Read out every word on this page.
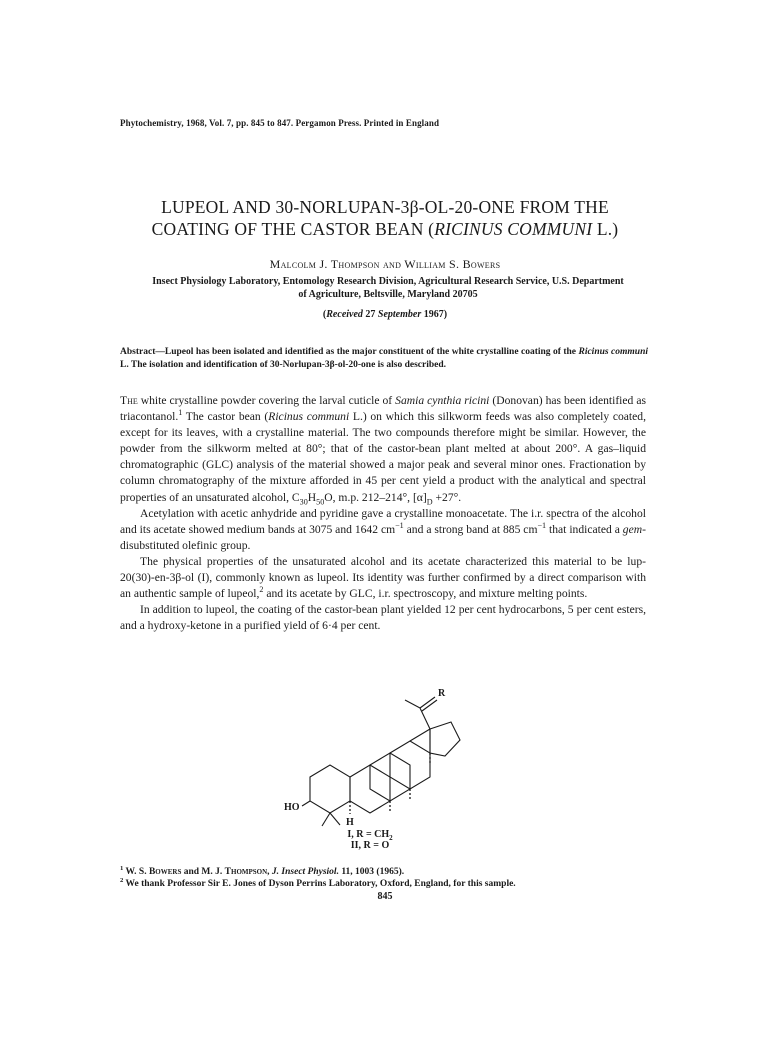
Phytochemistry, 1968, Vol. 7, pp. 845 to 847. Pergamon Press. Printed in England
LUPEOL AND 30-NORLUPAN-3β-OL-20-ONE FROM THE
COATING OF THE CASTOR BEAN (RICINUS COMMUNI L.)
Malcolm J. Thompson and William S. Bowers
Insect Physiology Laboratory, Entomology Research Division, Agricultural Research Service, U.S. Department of Agriculture, Beltsville, Maryland 20705
(Received 27 September 1967)
Abstract—Lupeol has been isolated and identified as the major constituent of the white crystalline coating of the Ricinus communi L. The isolation and identification of 30-Norlupan-3β-ol-20-one is also described.

The white crystalline powder covering the larval cuticle of Samia cynthia ricini (Donovan) has been identified as triacontanol.$^1$ The castor bean (Ricinus communi L.) on which this silkworm feeds was also completely coated, except for its leaves, with a crystalline material. The two compounds therefore might be similar. However, the powder from the silkworm melted at 80°; that of the castor-bean plant melted at about 200°. A gas–liquid chromatographic (GLC) analysis of the material showed a major peak and several minor ones. Fractionation by column chromatography of the mixture afforded in 45 per cent yield a product with the analytical and spectral properties of an unsaturated alcohol, $C_{30}H_{50}O$, m.p. 212–214°, $[\alpha]_D +27^\circ$.

Acetylation with acetic anhydride and pyridine gave a crystalline monoacetate. The i.r. spectra of the alcohol and its acetate showed medium bands at 3075 and 1642 $cm^{-1}$ and a strong band at 885 $cm^{-1}$ that indicated a gem-disubstituted olefinic group.

The physical properties of the unsaturated alcohol and its acetate characterized this material to be lup-20(30)-en-3β-ol (I), commonly known as lupeol. Its identity was further confirmed by a direct comparison with an authentic sample of lupeol,$^2$ and its acetate by GLC, i.r. spectroscopy, and mixture melting points.

In addition to lupeol, the coating of the castor-bean plant yielded 12 per cent hydrocarbons, 5 per cent esters, and a hydroxy-ketone in a purified yield of 6·4 per cent.

R
HO
H
I, $R = CH_2$
II, R = O
$^1$ W. S. Bowers and M. J. Thompson, J. Insect Physiol. 11, 1003 (1965).
$^2$ We thank Professor Sir E. Jones of Dyson Perrins Laboratory, Oxford, England, for this sample.
845
